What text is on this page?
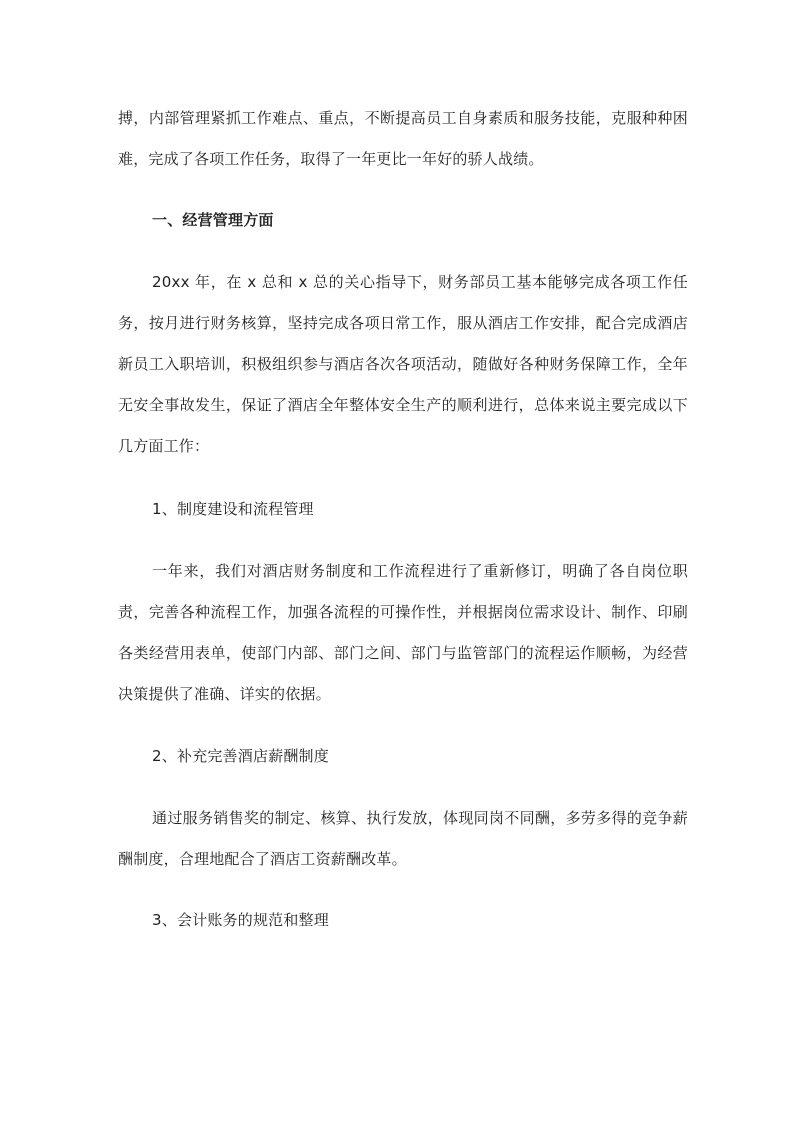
搏，内部管理紧抓工作难点、重点，不断提高员工自身素质和服务技能，克服种种困难，完成了各项工作任务，取得了一年更比一年好的骄人战绩。

一、经营管理方面

20xx 年，在 x 总和 x 总的关心指导下，财务部员工基本能够完成各项工作任务，按月进行财务核算，坚持完成各项日常工作，服从酒店工作安排，配合完成酒店新员工入职培训，积极组织参与酒店各次各项活动，随做好各种财务保障工作，全年无安全事故发生，保证了酒店全年整体安全生产的顺利进行，总体来说主要完成以下几方面工作：

1、制度建设和流程管理

一年来，我们对酒店财务制度和工作流程进行了重新修订，明确了各自岗位职责，完善各种流程工作，加强各流程的可操作性，并根据岗位需求设计、制作、印刷各类经营用表单，使部门内部、部门之间、部门与监管部门的流程运作顺畅，为经营决策提供了准确、详实的依据。

2、补充完善酒店薪酬制度

通过服务销售奖的制定、核算、执行发放，体现同岗不同酬，多劳多得的竞争薪酬制度，合理地配合了酒店工资薪酬改革。

3、会计账务的规范和整理
